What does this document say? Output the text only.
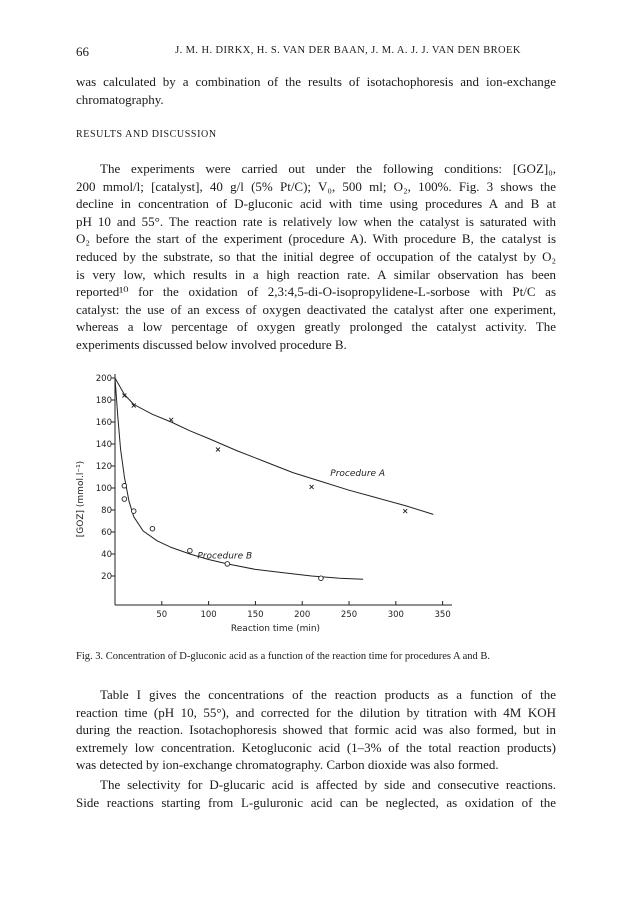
66	J. M. H. DIRKX, H. S. VAN DER BAAN, J. M. A. J. J. VAN DEN BROEK

was calculated by a combination of the results of isotachophoresis and ion-exchange
chromatography.

RESULTS AND DISCUSSION

The experiments were carried out under the following conditions: [GOZ]₀,
200 mmol/l; [catalyst], 40 g/l (5% Pt/C); V₀, 500 ml; O₂, 100%. Fig. 3 shows the
decline in concentration of D-gluconic acid with time using procedures A and B at
pH 10 and 55°. The reaction rate is relatively low when the catalyst is saturated with
O₂ before the start of the experiment (procedure A). With procedure B, the catalyst is
reduced by the substrate, so that the initial degree of occupation of the catalyst by O₂
is very low, which results in a high reaction rate. A similar observation has been
reported¹⁰ for the oxidation of 2,3:4,5-di-O-isopropylidene-L-sorbose with Pt/C as
catalyst: the use of an excess of oxygen deactivated the catalyst after one experiment,
whereas a low percentage of oxygen greatly prolonged the catalyst activity. The
experiments discussed below involved procedure B.

20
40
60
80
100
120
140
160
180
200
50	100	150	200	250	300	350
Procedure A
Procedure B
Reaction time (min)
[GOZ] (mmol.l⁻¹)
Fig. 3. Concentration of D-gluconic acid as a function of the reaction time for procedures A and B.

Table I gives the concentrations of the reaction products as a function of the
reaction time (pH 10, 55°), and corrected for the dilution by titration with 4M KOH
during the reaction. Isotachophoresis showed that formic acid was also formed, but in
extremely low concentration. Ketogluconic acid (1–3% of the total reaction products)
was detected by ion-exchange chromatography. Carbon dioxide was also formed.

The selectivity for D-glucaric acid is affected by side and consecutive reactions.
Side reactions starting from L-guluronic acid can be neglected, as oxidation of the
